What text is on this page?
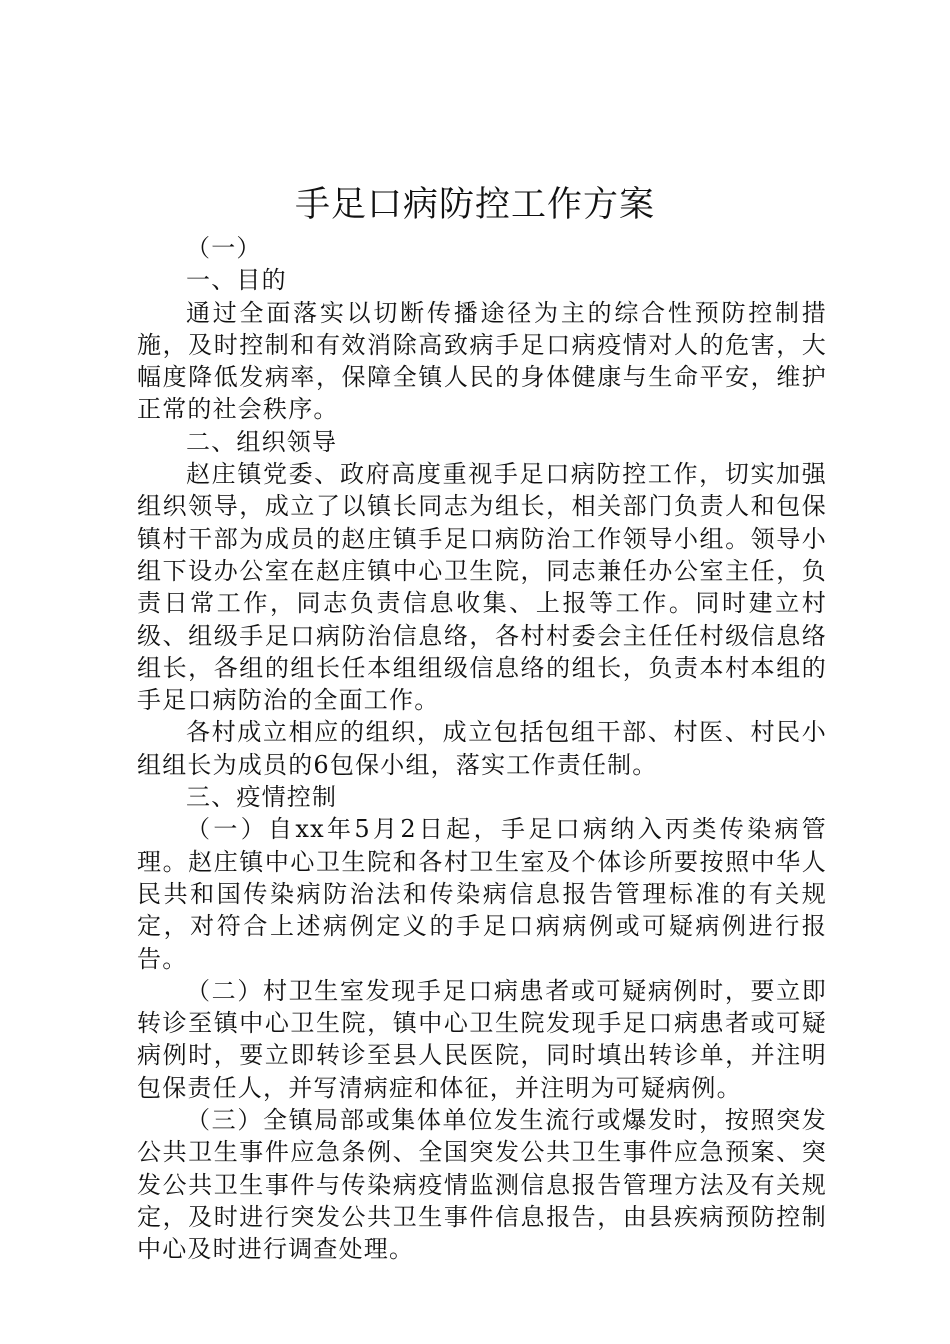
手足口病防控工作方案

（一）

一、目的

通过全面落实以切断传播途径为主的综合性预防控制措施，及时控制和有效消除高致病手足口病疫情对人的危害，大幅度降低发病率，保障全镇人民的身体健康与生命平安，维护正常的社会秩序。

二、组织领导

赵庄镇党委、政府高度重视手足口病防控工作，切实加强组织领导，成立了以镇长同志为组长，相关部门负责人和包保镇村干部为成员的赵庄镇手足口病防治工作领导小组。领导小组下设办公室在赵庄镇中心卫生院，同志兼任办公室主任，负责日常工作，同志负责信息收集、上报等工作。同时建立村级、组级手足口病防治信息络，各村村委会主任任村级信息络组长，各组的组长任本组组级信息络的组长，负责本村本组的手足口病防治的全面工作。

各村成立相应的组织，成立包括包组干部、村医、村民小组组长为成员的6包保小组，落实工作责任制。

三、疫情控制

（一）自xx年5月2日起，手足口病纳入丙类传染病管理。赵庄镇中心卫生院和各村卫生室及个体诊所要按照中华人民共和国传染病防治法和传染病信息报告管理标准的有关规定，对符合上述病例定义的手足口病病例或可疑病例进行报告。

（二）村卫生室发现手足口病患者或可疑病例时，要立即转诊至镇中心卫生院，镇中心卫生院发现手足口病患者或可疑病例时，要立即转诊至县人民医院，同时填出转诊单，并注明包保责任人，并写清病症和体征，并注明为可疑病例。

（三）全镇局部或集体单位发生流行或爆发时，按照突发公共卫生事件应急条例、全国突发公共卫生事件应急预案、突发公共卫生事件与传染病疫情监测信息报告管理方法及有关规定，及时进行突发公共卫生事件信息报告，由县疾病预防控制中心及时进行调查处理。
